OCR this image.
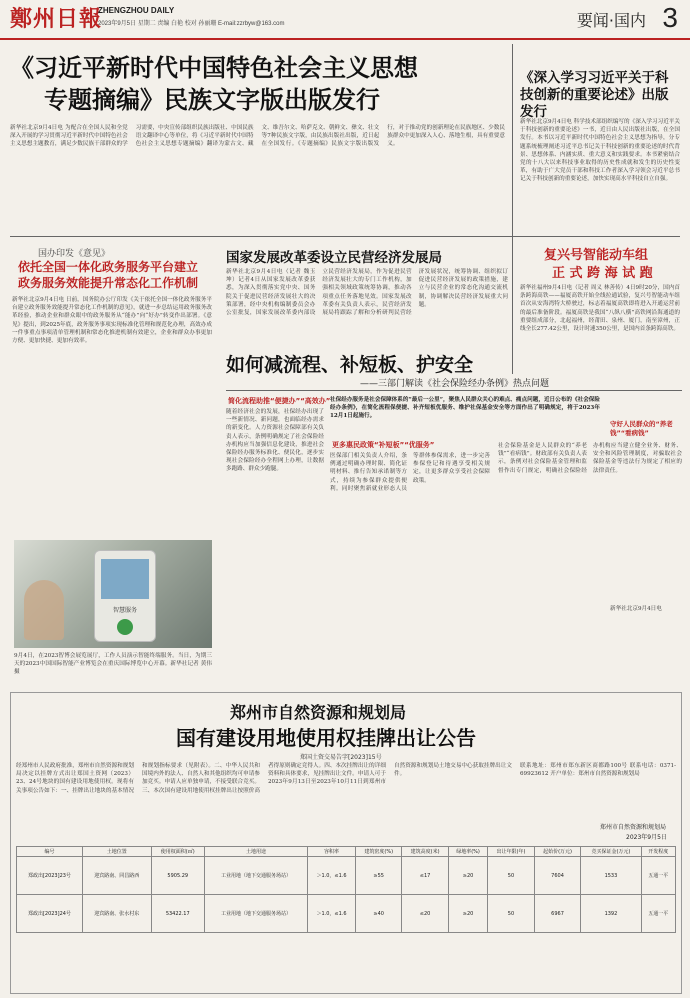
鄭州日報
ZHENGZHOU DAILY
2023年9月5日 星期二 责编 白艳 校对 孙丽珊 E-mail:zzrbyw@163.com	要闻·国内 3
《习近平新时代中国特色社会主义思想
专题摘编》民族文字版出版发行
新华社北京9月4日电 为配合在全国人民和全党深入开展的学习贯彻习近平新时代中国特色社会主义思想主题教育，满足少数民族干部群众的学习需要，中央宣传部组织民族出版社、中国民族语文翻译中心等单位，将《习近平新时代中国特色社会主义思想专题摘编》翻译为蒙古文、藏文、维吾尔文、哈萨克文、朝鲜文、彝文、壮文等7种民族文字版，由民族出版社出版，近日起在全国发行。《专题摘编》民族文字版出版发行，对于推动党的创新理论在民族地区、少数民族群众中更加深入人心、落地生根，具有重要意义。
《深入学习习近平关于科技创新的重要论述》出版发行
新华社北京9月4日电 科学技术部组织编写的《深入学习习近平关于科技创新的重要论述》一书，近日由人民出版社出版，在全国发行。本书以习近平新时代中国特色社会主义思想为指导，分专题系统梳理阐述习近平总书记关于科技创新的重要论述的时代背景、思想体系、内涵实质、重大意义和实践要求。本书紧密结合党的十八大以来科技事业取得的历史性成就和发生的历史性变革，有助于广大党员干部和科技工作者深入学习领会习近平总书记关于科技创新的重要论述，加快实现高水平科技自立自强。
国办印发《意见》
依托全国一体化政务服务平台建立
政务服务效能提升常态化工作机制
新华社北京9月4日电 日前，国务院办公厅印发《关于依托全国一体化政务服务平台建立政务服务效能提升常态化工作机制的意见》，就进一步总结运用政务服务改革经验，推动企业和群众眼中的政务服务从“能办”向“好办”转变作出部署。《意见》提出，到2025年底，政务服务事项实现标准化管理和规范化办理，高效办成一件事重点事项清单管理机制和常态化推进机制有效建立，企业和群众办事更加方便、更加快捷、更加有效率。
智慧服务
9月4日，在2023智博会展览展厅，工作人员演示智能终端服务。当日，为期三天的2023中国国际智能产业博览会在重庆国际博览中心开幕。新华社记者 黄伟摄
国家发展改革委设立民营经济发展局
新华社北京9月4日电（记者 魏玉坤）记者4日从国家发展改革委获悉，为深入贯彻落实党中央、国务院关于促进民营经济发展壮大的决策部署，经中央机构编制委员会办公室批复，国家发展改革委内部设立民营经济发展局，作为促进民营经济发展壮大的专门工作机构，加强相关领域政策统筹协调，推动各项重点任务落地见效。国家发展改革委有关负责人表示，民营经济发展局将跟踪了解和分析研判民营经济发展状况，统筹协调、组织拟订促进民营经济发展的政策措施，建立与民营企业的常态化沟通交流机制，协调解决民营经济发展重大问题。
复兴号智能动车组
正 式 跨 海 试 跑
新华社福州9月4日电（记者 周义 林善传）4日9时20分，国内首条跨海高铁——福厦高铁开始全线拉通试验，复兴号智能动车组首次从安海湾特大桥驶过，标志着福厦高铁即将进入开通运营前的最后准备阶段。福厦高铁是我国“八纵八横”高铁网沿海通道的重要组成部分，北起福州，经莆田、泉州、厦门，南至漳州，正线全长277.42公里，设计时速350公里，是国内首条跨海高铁。
如何减流程、补短板、护安全
——三部门解读《社会保险经办条例》热点问题
简化流程助推“便捷办”“高效办”
随着经济社会的发展，社保经办出现了一些新情况、新问题，也面临经办需求的新变化。人力资源社会保障部有关负责人表示，条例明确规定了社会保险经办机构应当加强信息化建设，推进社会保险经办服务标准化、便民化，逐步实现社会保险经办全程网上办理，让数据多跑路、群众少跑腿。
社保经办服务是社会保障体系的“最后一公里”，聚焦人民群众关心的难点、痛点问题，近日公布的《社会保险经办条例》，在简化流程保便捷、补齐短板优服务、维护社保基金安全等方面作出了明确规定，将于2023年12月1日起施行。
更多惠民政策“补短板”“优服务”
医保部门相关负责人介绍，条例通过明确办理时限、简化证明材料、推行告知承诺制等方式，持续为参保群众提供便利。同时聚焦新就业形态人员等群体参保需求，进一步完善参保登记和待遇享受相关规定，让更多群众享受社会保障政策。
守好人民群众的“养老钱”“看病钱”
社会保险基金是人民群众的“养老钱”“看病钱”。财政部有关负责人表示，条例对社会保险基金管理和监督作出专门规定，明确社会保险经办机构应当建立健全业务、财务、安全和风险管理制度，对骗取社会保险基金等违法行为规定了相应的法律责任。
新华社北京9月4日电
郑州市自然资源和规划局
国有建设用地使用权挂牌出让公告
郑国土资交易告字[2023]15号
经郑州市人民政府批准，郑州市自然资源和规划局决定以挂牌方式出让郑国土资网（2023）23、24号地块的国有建设用地使用权。现将有关事项公告如下：一、挂牌出让地块的基本情况和规划指标要求（见附表）。二、中华人民共和国境内外的法人、自然人和其他组织均可申请参加竞买。申请人应单独申请，不接受联合竞买。三、本次国有建设用地使用权挂牌出让按照价高者得原则确定竞得人。四、本次挂牌出让的详细资料和具体要求，见挂牌出让文件。申请人可于2023年9月13日至2023年10月11日到郑州市自然资源和规划局土地交易中心获取挂牌出让文件。
联系地址：郑州市郑东新区商都路100号 联系电话：0371-69923612 开户单位：郑州市自然资源和规划局
郑州市自然资源和规划局
2023年9月5日
编号	土地位置	使用权面积(㎡)	土地用途	容积率	建筑密度(%)	建筑高度(米)	绿地率(%)	出让年限(年)	起始价(万元)	竞买保证金(万元)	开发程度
郑政出[2023]23号	迎宾路南、同昌路西	5905.29	工业用地（地下交通服务场站）	＞1.0，≤1.6	≥55	≤17	≥20	50	7604	1533	五通一平
郑政出[2023]24号	迎宾路南、张水村东	53422.17	工业用地（地下交通服务场站）	＞1.0，≤1.6	≥40	≤20	≥20	50	6967	1392	五通一平
